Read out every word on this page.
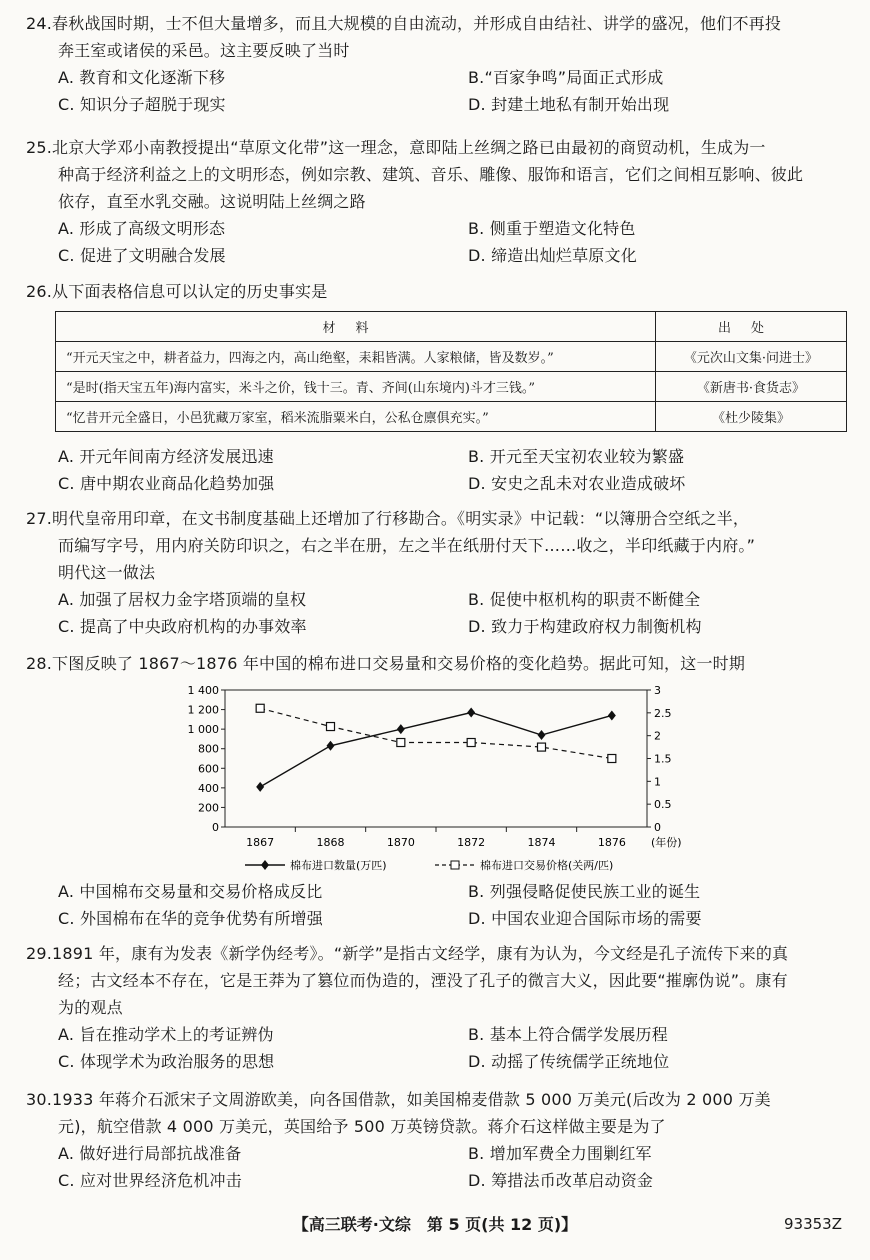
24.春秋战国时期，士不但大量增多，而且大规模的自由流动，并形成自由结社、讲学的盛况，他们不再投

奔王室或诸侯的采邑。这主要反映了当时

A. 教育和文化逐渐下移	B.“百家争鸣”局面正式形成
C. 知识分子超脱于现实	D. 封建土地私有制开始出现

25.北京大学邓小南教授提出“草原文化带”这一理念，意即陆上丝绸之路已由最初的商贸动机，生成为一

种高于经济利益之上的文明形态，例如宗教、建筑、音乐、雕像、服饰和语言，它们之间相互影响、彼此

依存，直至水乳交融。这说明陆上丝绸之路

A. 形成了高级文明形态	B. 侧重于塑造文化特色
C. 促进了文明融合发展	D. 缔造出灿烂草原文化

26.从下面表格信息可以认定的历史事实是

材料	出处
“开元天宝之中，耕者益力，四海之内，高山绝壑，耒耜皆满。人家粮储，皆及数岁。”	《元次山文集·问进士》
“是时(指天宝五年)海内富实，米斗之价，钱十三。青、齐间(山东境内)斗才三钱。”	《新唐书·食货志》
“忆昔开元全盛日，小邑犹藏万家室，稻米流脂粟米白，公私仓廪俱充实。”	《杜少陵集》
A. 开元年间南方经济发展迅速	B. 开元至天宝初农业较为繁盛
C. 唐中期农业商品化趋势加强	D. 安史之乱未对农业造成破坏

27.明代皇帝用印章，在文书制度基础上还增加了行移勘合。《明实录》中记载：“以簿册合空纸之半，

而编写字号，用内府关防印识之，右之半在册，左之半在纸册付天下……收之，半印纸藏于内府。”

明代这一做法

A. 加强了居权力金字塔顶端的皇权	B. 促使中枢机构的职责不断健全
C. 提高了中央政府机构的办事效率	D. 致力于构建政府权力制衡机构

28.下图反映了 1867～1876 年中国的棉布进口交易量和交易价格的变化趋势。据此可知，这一时期

0
200
400
600
800
1 000
1 200
1 400
0
0.5
1
1.5
2
2.5
3
1867	1868	1870	1872	1874	1876 (年份)
棉布进口数量(万匹)	棉布进口交易价格(关两/匹)
A. 中国棉布交易量和交易价格成反比	B. 列强侵略促使民族工业的诞生
C. 外国棉布在华的竞争优势有所增强	D. 中国农业迎合国际市场的需要

29.1891 年，康有为发表《新学伪经考》。“新学”是指古文经学，康有为认为，今文经是孔子流传下来的真

经；古文经本不存在，它是王莽为了篡位而伪造的，湮没了孔子的微言大义，因此要“摧廓伪说”。康有

为的观点

A. 旨在推动学术上的考证辨伪	B. 基本上符合儒学发展历程
C. 体现学术为政治服务的思想	D. 动摇了传统儒学正统地位

30.1933 年蒋介石派宋子文周游欧美，向各国借款，如美国棉麦借款 5 000 万美元(后改为 2 000 万美

元)，航空借款 4 000 万美元，英国给予 500 万英镑贷款。蒋介石这样做主要是为了

A. 做好进行局部抗战准备	B. 增加军费全力围剿红军
C. 应对世界经济危机冲击	D. 筹措法币改革启动资金
【高三联考·文综　第 5 页(共 12 页)】	93353Z
